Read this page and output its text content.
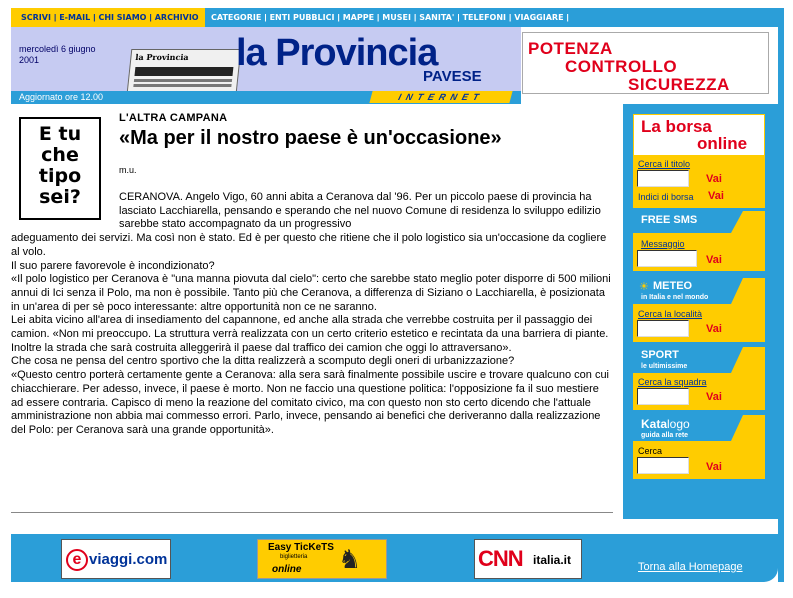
SCRIVI | E-MAIL | CHI SIAMO | ARCHIVIO CATEGORIE | ENTI PUBBLICI | MAPPE | MUSEI | SANITA' | TELEFONI | VIAGGIARE |
mercoledì 6 giugno
2001	la Provincia	la Provincia
PAVESE
Aggiornato ore 12.00	INTERNET
POTENZA
CONTROLLO
SICUREZZA
E tu
che
tipo
sei?
L'ALTRA CAMPANA
«Ma per il nostro paese è un'occasione»
m.u.
CERANOVA. Angelo Vigo, 60 anni abita a Ceranova dal '96. Per un piccolo paese di provincia ha lasciato Lacchiarella, pensando e sperando che nel nuovo Comune di residenza lo sviluppo edilizio sarebbe stato accompagnato da un progressivo
adeguamento dei servizi. Ma così non è stato. Ed è per questo che ritiene che il polo logistico sia un'occasione da cogliere al volo.
Il suo parere favorevole è incondizionato?
«Il polo logistico per Ceranova è "una manna piovuta dal cielo": certo che sarebbe stato meglio poter disporre di 500 milioni annui di Ici senza il Polo, ma non è possibile. Tanto più che Ceranova, a differenza di Siziano o Lacchiarella, è posizionata in un'area di per sè poco interessante: altre opportunità non ce ne saranno.
Lei abita vicino all'area di insediamento del capannone, ed anche alla strada che verrebbe costruita per il passaggio dei camion. «Non mi preoccupo. La struttura verrà realizzata con un certo criterio estetico e recintata da una barriera di piante. Inoltre la strada che sarà costruita alleggerirà il paese dal traffico dei camion che oggi lo attraversano».
Che cosa ne pensa del centro sportivo che la ditta realizzerà a scomputo degli oneri di urbanizzazione?
«Questo centro porterà certamente gente a Ceranova: alla sera sarà finalmente possibile uscire e trovare qualcuno con cui chiacchierare. Per adesso, invece, il paese è morto. Non ne faccio una questione politica: l'opposizione fa il suo mestiere ad essere contraria. Capisco di meno la reazione del comitato civico, ma con questo non sto certo dicendo che l'attuale amministrazione non abbia mai commesso errori. Parlo, invece, pensando ai benefici che deriveranno dalla realizzazione del Polo: per Ceranova sarà una grande opportunità».
La borsa
online
Cerca il titolo
Vai
Indici di borsa Vai
FREE SMS
Messaggio
Vai
☀ METEO
in Italia e nel mondo
Cerca la località
Vai
SPORT
le ultimissime
Cerca la squadra
Vai
Katalogo
guida alla rete
Cerca
Vai
e viaggi.com
Easy TicKeTS
biglietteria
online ♞	CNN italia.it	Torna alla Homepage
